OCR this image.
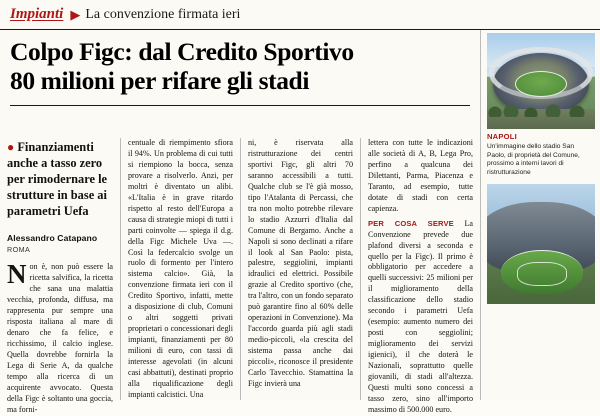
Impianti ▶ La convenzione firmata ieri
Colpo Figc: dal Credito Sportivo
80 milioni per rifare gli stadi
● Finanziamenti anche a tasso zero per rimodernare le strutture in base ai parametri Uefa
Alessandro Catapano
ROMA
Non è, non può essere la ricetta salvifica, la ricetta che sana una malattia vecchia, profonda, diffusa, ma rappresenta pur sempre una risposta italiana al mare di denaro che fa felice, e ricchissimo, il calcio inglese. Quella dovrebbe fornirla la Lega di Serie A, da qualche tempo alla ricerca di un acquirente avvocato. Questa della Figc è soltanto una goccia, ma forni-
centuale di riempimento sfiora il 94%. Un problema di cui tutti si riempiono la bocca, senza provare a risolverlo. Anzi, per moltri è diventato un alibi. «L'Italia è in grave ritardo rispetto al resto dell'Europa a causa di strategie miopi di tutti i parti coinvolte — spiega il d.g. della Figc Michele Uva —. Così la federcalcio svolge un ruolo di formento per l'intero sistema calcio». Già, la convenzione firmata ieri con il Credito Sportivo, infatti, mette a disposizione di club, Comuni o altri soggetti privati proprietari o concessionari degli impianti, finanziamenti per 80 milioni di euro, con tassi di interesse agevolati (in alcuni casi abbattuti), destinati proprio alla riqualificazione degli impianti calcistici. Una
ni, è riservata alla ristrutturazione dei centri sportivi Figc, gli altri 70 saranno accessibili a tutti. Qualche club se l'è già mosso, tipo l'Atalanta di Percassi, che tra non molto potrebbe rilevare lo stadio Azzurri d'Italia dal Comune di Bergamo. Anche a Napoli si sono declinati a rifare il look al San Paolo: pista, palestre, seggiolini, impianti idraulici ed elettrici. Possibile grazie al Credito sportivo (che, tra l'altro, con un fondo separato può garantire fino al 60% delle operazioni in Convenzione). Ma l'accordo guarda più agli stadi medio-piccoli, «la crescita del sistema passa anche dai piccoli», riconosce il presidente Carlo Tavecchio. Stamattina la Figc invierà una
lettera con tutte le indicazioni alle società di A, B, Lega Pro, perfino a qualcuna dei Dilettanti, Parma, Piacenza e Taranto, ad esempio, tutte dotate di stadi con certa capienza.
PER COSA SERVE La Convenzione prevede due plafond diversi a seconda e quello per la Figc). Il primo è obbligatorio per accedere a quelli successivi: 25 milioni per il miglioramento della classificazione dello stadio secondo i parametri Uefa (esempio: aumento numero dei posti con seggiolini; miglioramento dei servizi igienici), il che doterà le Nazionali, soprattutto quelle giovanili, di stadi all'altezza. Questi multi sono concessi a tasso zero, sino all'importo massimo di 500.000 euro.
NAPOLI
Un'immagine dello stadio San Paolo, di proprietà del Comune, prossimo a interni lavori di ristrutturazione
